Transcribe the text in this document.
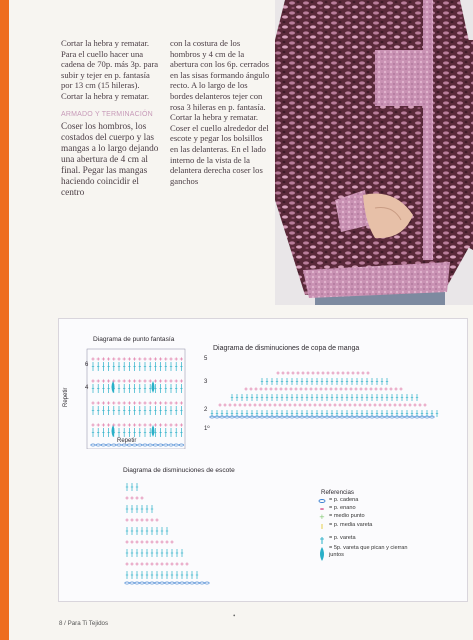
Cortar la hebra y rematar.

Para el cuello hacer una cadena de 70p. más 3p. para subir y tejer en p. fantasía por 13 cm (15 hileras). Cortar la hebra y rematar.

ARMADO Y TERMINACIÓN

Coser los hombros, los costados del cuerpo y las mangas a lo largo dejando una abertura de 4 cm al final. Pegar las mangas haciendo coincidir el centro

con la costura de los hombros y 4 cm de la abertura con los 6p. cerrados en las sisas formando ángulo recto. A lo largo de los bordes delanteros tejer con rosa 3 hileras en p. fantasía. Cortar la hebra y rematar. Coser el cuello alrededor del escote y pegar los bolsillos en las delanteras. En el lado interno de la vista de la delantera derecha coser los ganchos

Diagrama de punto fantasía
Diagrama de disminuciones de copa de manga
Diagrama de disminuciones de escote
5
6
3
4
2
1º
Repetir
Repetir
Referencias
+
= p. cadena
= p. enano
= medio punto
= p. media vareta
= p. vareta
= 5p. vareta que pican y cierran juntos
8 / Para Ti Tejidos
•
